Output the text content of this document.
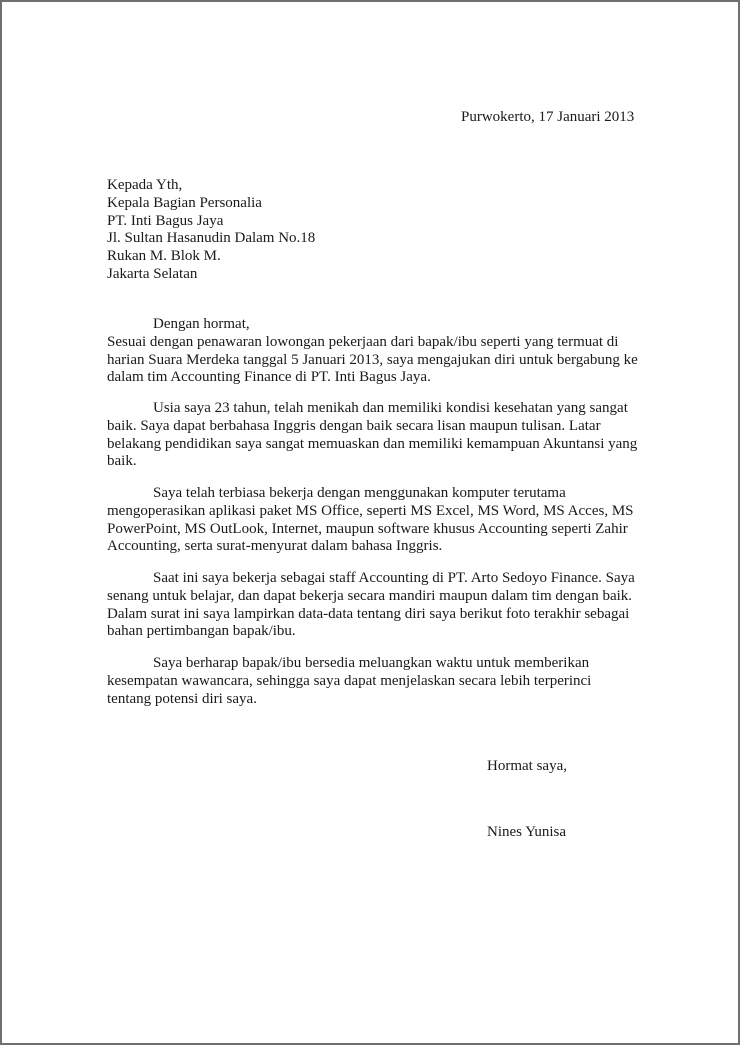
Purwokerto, 17 Januari 2013
Kepada Yth,
Kepala Bagian Personalia
PT. Inti Bagus Jaya
Jl. Sultan Hasanudin Dalam No.18
Rukan M. Blok M.
Jakarta Selatan
Dengan hormat,
Sesuai dengan penawaran lowongan pekerjaan dari bapak/ibu seperti yang termuat di
harian Suara Merdeka tanggal 5 Januari 2013, saya mengajukan diri untuk bergabung ke
dalam tim Accounting Finance di PT. Inti Bagus Jaya.
Usia saya 23 tahun, telah menikah dan memiliki kondisi kesehatan yang sangat
baik. Saya dapat berbahasa Inggris dengan baik secara lisan maupun tulisan. Latar
belakang pendidikan saya sangat memuaskan dan memiliki kemampuan Akuntansi yang
baik.
Saya telah terbiasa bekerja dengan menggunakan komputer terutama
mengoperasikan aplikasi paket MS Office, seperti MS Excel, MS Word, MS Acces, MS
PowerPoint, MS OutLook, Internet, maupun software khusus Accounting seperti Zahir
Accounting, serta surat-menyurat dalam bahasa Inggris.
Saat ini saya bekerja sebagai staff Accounting di PT. Arto Sedoyo Finance. Saya
senang untuk belajar, dan dapat bekerja secara mandiri maupun dalam tim dengan baik.
Dalam surat ini saya lampirkan data-data tentang diri saya berikut foto terakhir sebagai
bahan pertimbangan bapak/ibu.
Saya berharap bapak/ibu bersedia meluangkan waktu untuk memberikan
kesempatan wawancara, sehingga saya dapat menjelaskan secara lebih terperinci
tentang potensi diri saya.
Hormat saya,
Nines Yunisa
